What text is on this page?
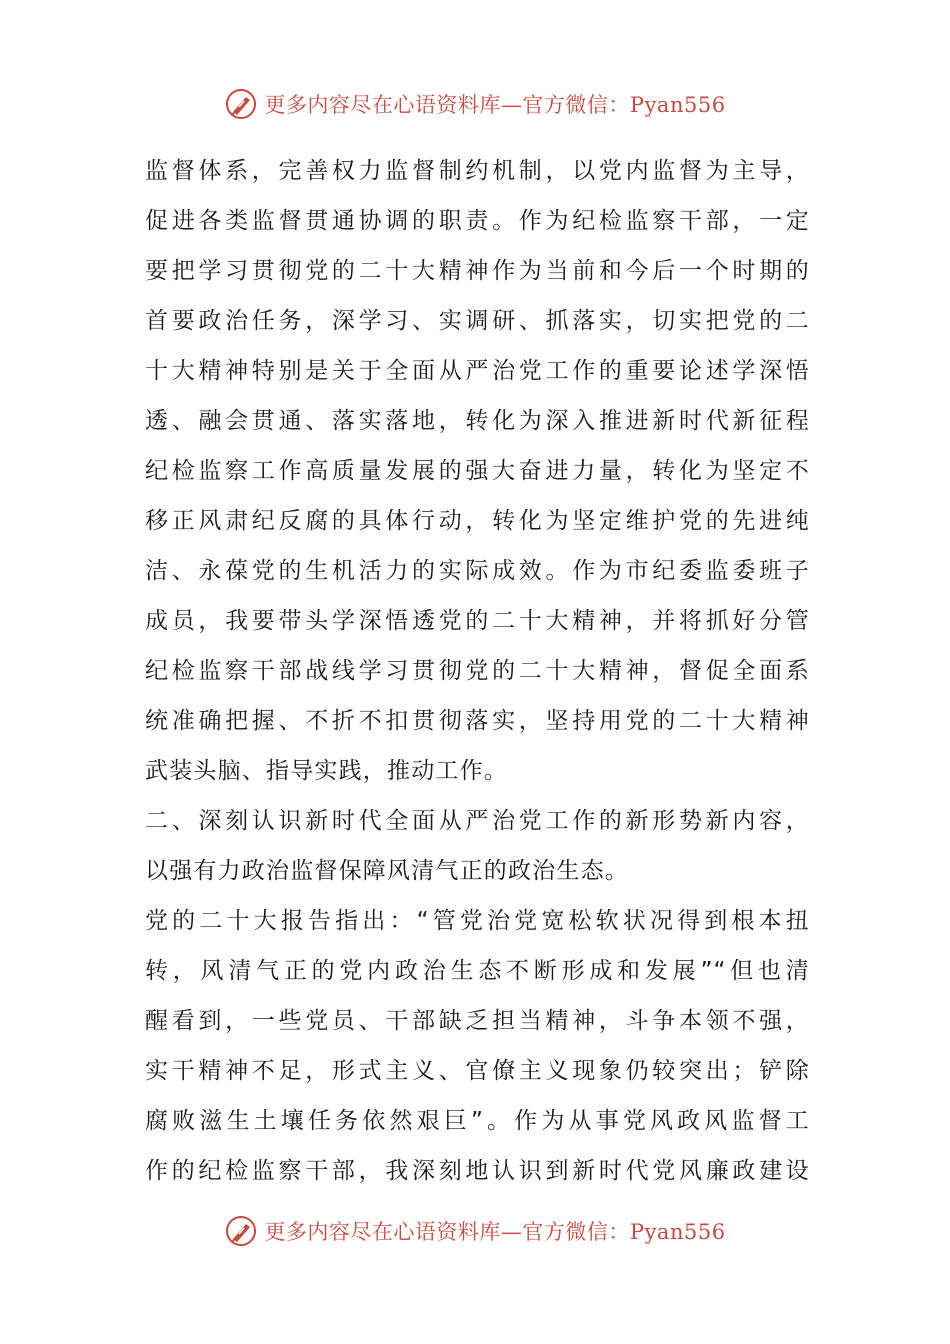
更多内容尽在心语资料库—官方微信：Pyan556
监督体系，完善权力监督制约机制，以党内监督为主导，
促进各类监督贯通协调的职责。作为纪检监察干部，一定
要把学习贯彻党的二十大精神作为当前和今后一个时期的
首要政治任务，深学习、实调研、抓落实，切实把党的二
十大精神特别是关于全面从严治党工作的重要论述学深悟
透、融会贯通、落实落地，转化为深入推进新时代新征程
纪检监察工作高质量发展的强大奋进力量，转化为坚定不
移正风肃纪反腐的具体行动，转化为坚定维护党的先进纯
洁、永葆党的生机活力的实际成效。作为市纪委监委班子
成员，我要带头学深悟透党的二十大精神，并将抓好分管
纪检监察干部战线学习贯彻党的二十大精神，督促全面系
统准确把握、不折不扣贯彻落实，坚持用党的二十大精神
武装头脑、指导实践，推动工作。
二、深刻认识新时代全面从严治党工作的新形势新内容，
以强有力政治监督保障风清气正的政治生态。
党的二十大报告指出：“管党治党宽松软状况得到根本扭
转，风清气正的党内政治生态不断形成和发展”“但也清
醒看到，一些党员、干部缺乏担当精神，斗争本领不强，
实干精神不足，形式主义、官僚主义现象仍较突出；铲除
腐败滋生土壤任务依然艰巨”。作为从事党风政风监督工
作的纪检监察干部，我深刻地认识到新时代党风廉政建设
更多内容尽在心语资料库—官方微信：Pyan556
